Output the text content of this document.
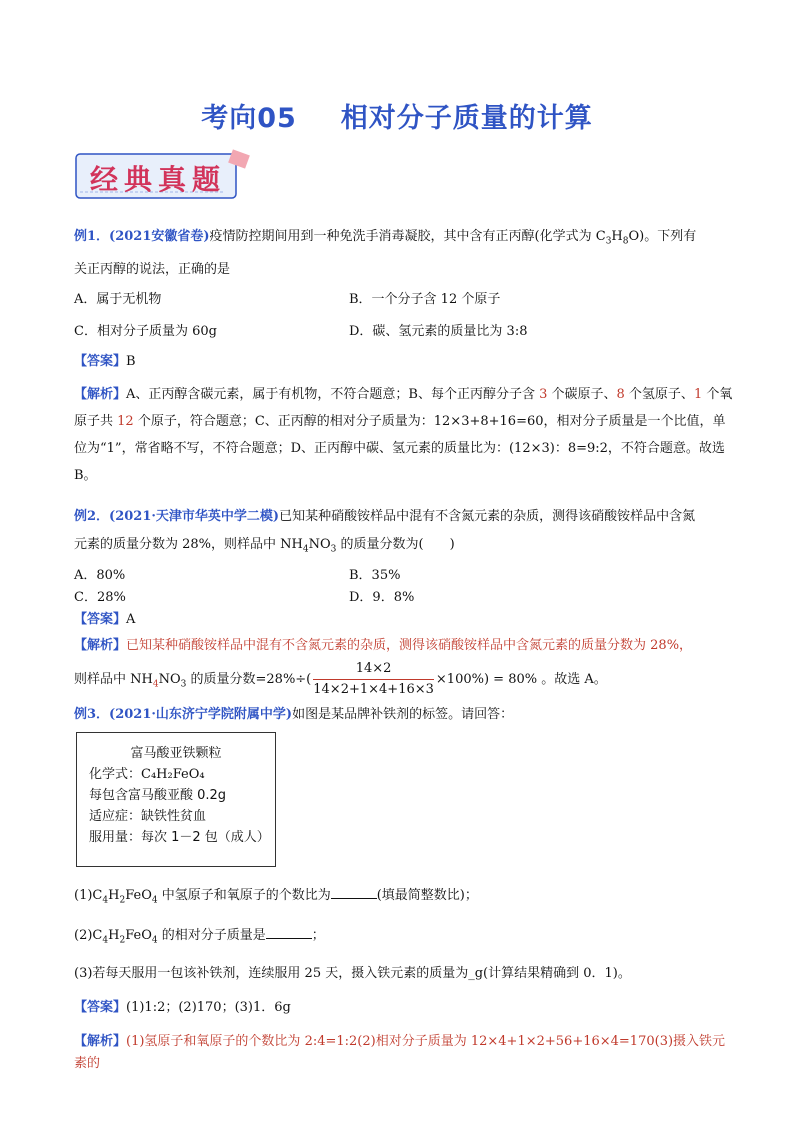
考向05 相对分子质量的计算
经典真题

例1．(2021安徽省卷)疫情防控期间用到一种免洗手消毒凝胶，其中含有正丙醇(化学式为 $C_3H_8O$)。下列有

关正丙醇的说法，正确的是

A．属于无机物	B．一个分子含 12 个原子
C．相对分子质量为 60g	D．碳、氢元素的质量比为 3:8

【答案】B

【解析】A、正丙醇含碳元素，属于有机物，不符合题意；B、每个正丙醇分子含 3 个碳原子、8 个氢原子、1 个氧原子共 12 个原子，符合题意；C、正丙醇的相对分子质量为：12×3+8+16=60，相对分子质量是一个比值，单位为“1”，常省略不写，不符合题意；D、正丙醇中碳、氢元素的质量比为：(12×3)：8=9:2，不符合题意。故选B。

例2．(2021·天津市华英中学二模)已知某种硝酸铵样品中混有不含氮元素的杂质，测得该硝酸铵样品中含氮

元素的质量分数为 28%，则样品中 $NH_4NO_3$ 的质量分数为(　　)

A．80%	B．35%
C．28%	D．9．8%

【答案】A

【解析】已知某种硝酸铵样品中混有不含氮元素的杂质，测得该硝酸铵样品中含氮元素的质量分数为 28%，

则样品中 $NH_4NO_3$ 的质量分数$=28\%\div( \frac{14\times 2}{14\times 2+1\times 4+16\times 3} \times 100\%) = 80\%$ 。故选 A。

例3．(2021·山东济宁学院附属中学)如图是某品牌补铁剂的标签。请回答：

富马酸亚铁颗粒
化学式：C₄H₂FeO₄
每包含富马酸亚酸 0.2g
适应症：缺铁性贫血
服用量：每次 1－2 包（成人）

$(1)C_4H_2FeO_4$ 中氢原子和氧原子的个数比为	(填最简整数比)；

$(2)C_4H_2FeO_4$ 的相对分子质量是	；

(3)若每天服用一包该补铁剂，连续服用 25 天，摄入铁元素的质量为_g(计算结果精确到 0．1)。

【答案】(1)1:2；(2)170；(3)1．6g

【解析】(1)氢原子和氧原子的个数比为 2:4=1:2(2)相对分子质量为 12×4+1×2+56+16×4=170(3)摄入铁元素的
